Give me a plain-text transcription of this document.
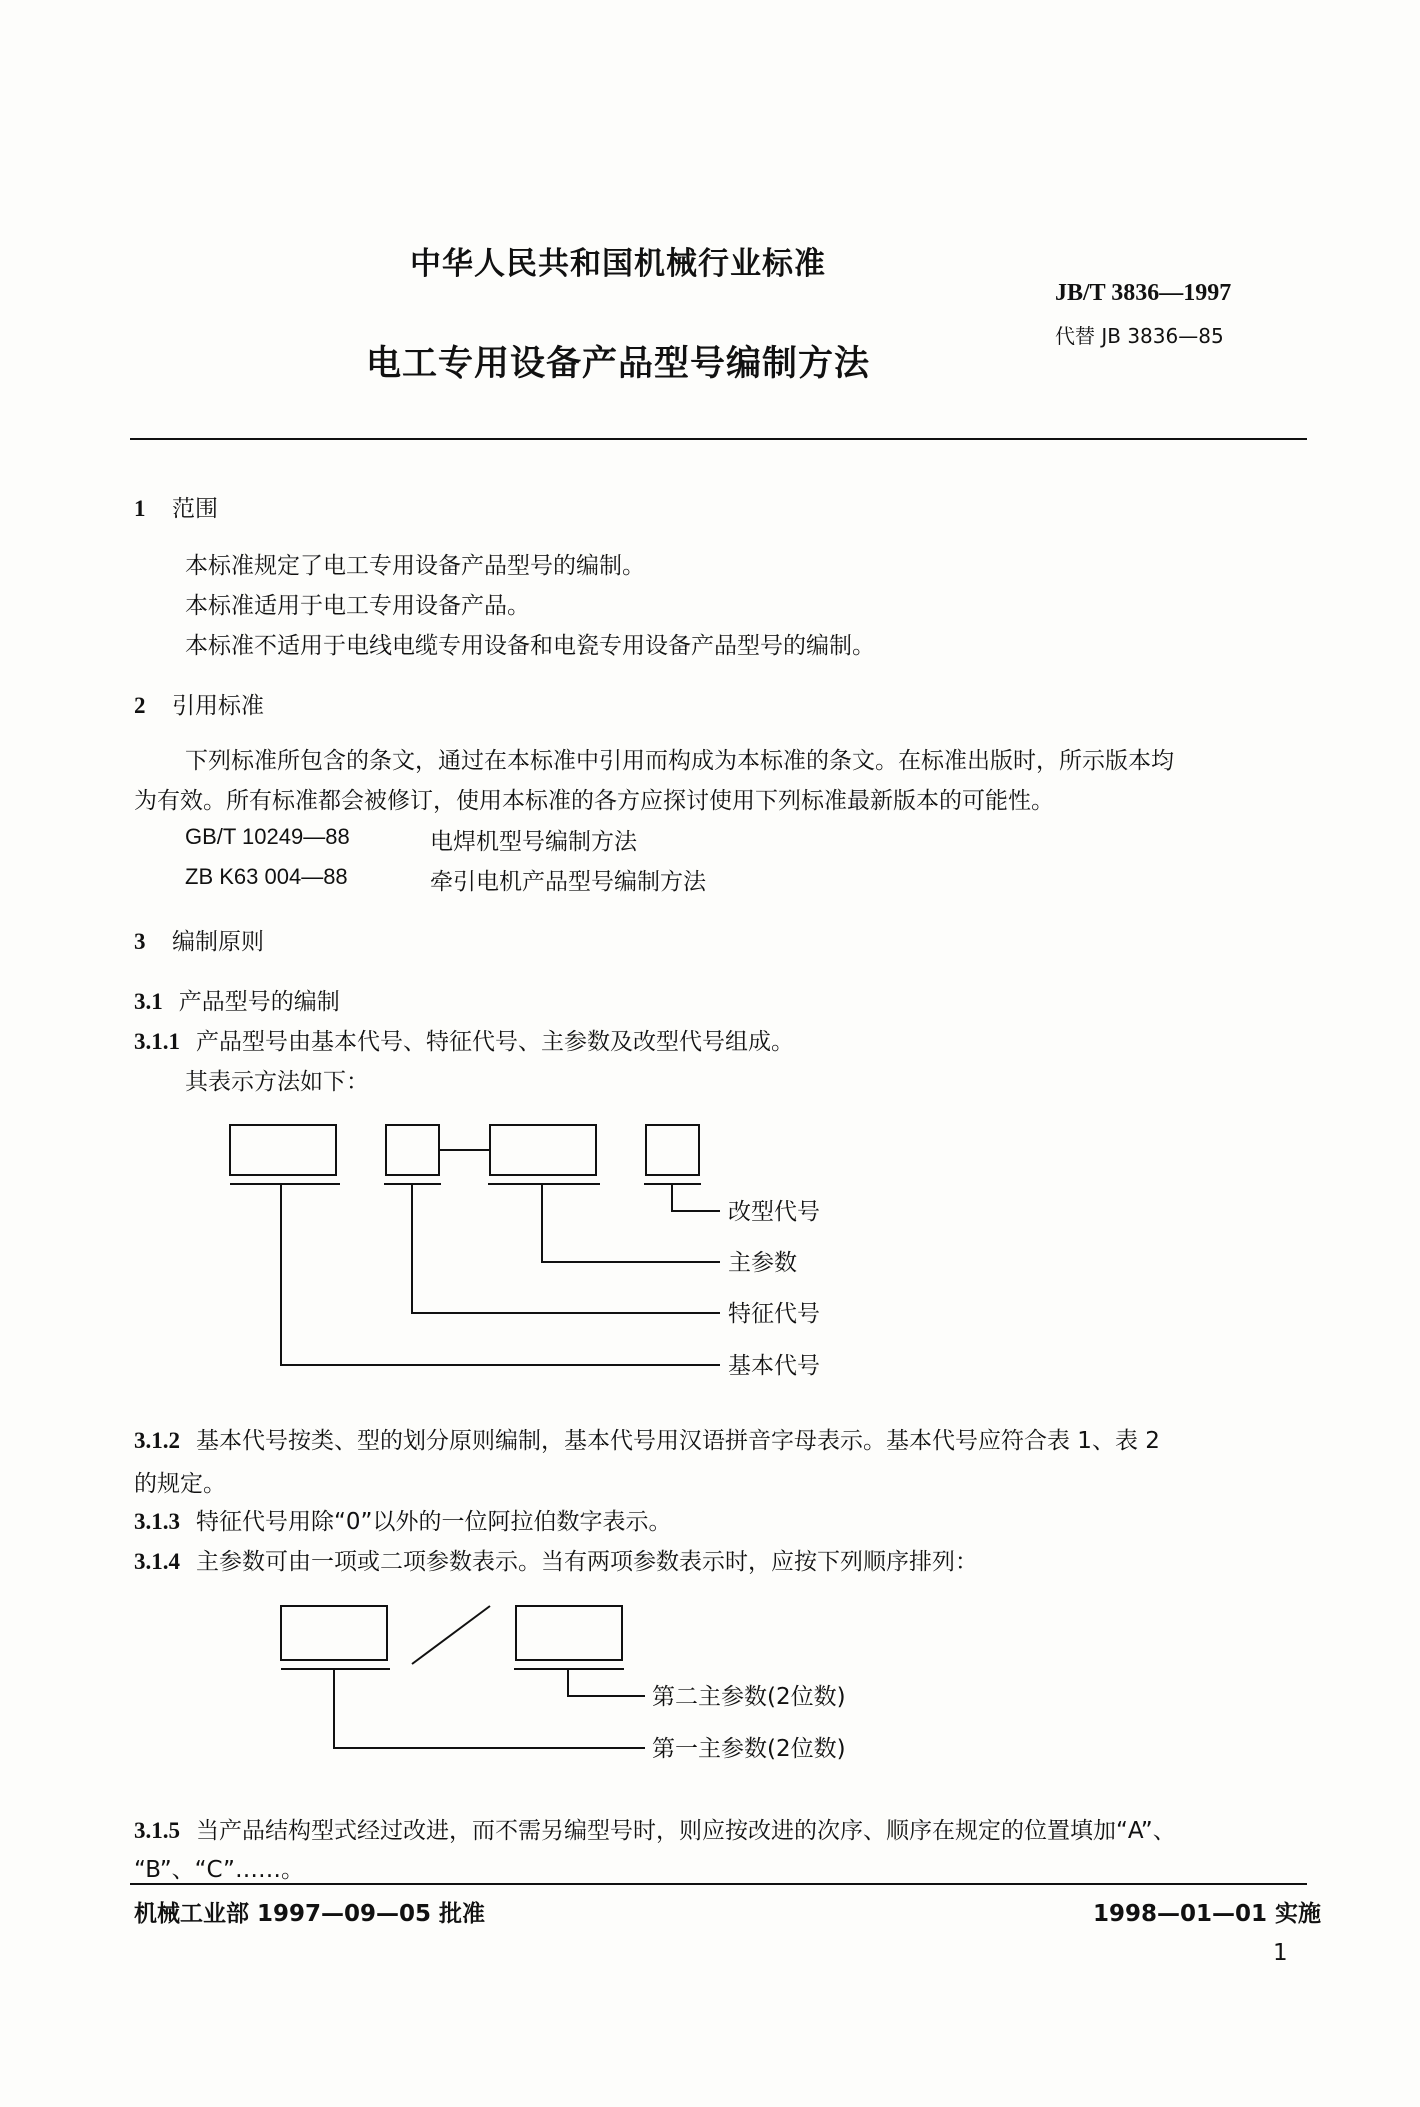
中华人民共和国机械行业标准
电工专用设备产品型号编制方法
JB/T 3836—1997
代替 JB 3836—85
1 范围
本标准规定了电工专用设备产品型号的编制。
本标准适用于电工专用设备产品。
本标准不适用于电线电缆专用设备和电瓷专用设备产品型号的编制。
2 引用标准
下列标准所包含的条文，通过在本标准中引用而构成为本标准的条文。在标准出版时，所示版本均
为有效。所有标准都会被修订，使用本标准的各方应探讨使用下列标准最新版本的可能性。
GB/T 10249—88	电焊机型号编制方法
ZB K63 004—88	牵引电机产品型号编制方法
3 编制原则
3.1 产品型号的编制
3.1.1 产品型号由基本代号、特征代号、主参数及改型代号组成。
其表示方法如下：
改型代号
主参数
特征代号
基本代号
第二主参数(2位数)
第一主参数(2位数)
3.1.2 基本代号按类、型的划分原则编制，基本代号用汉语拼音字母表示。基本代号应符合表 1、表 2
的规定。
3.1.3 特征代号用除“0”以外的一位阿拉伯数字表示。
3.1.4 主参数可由一项或二项参数表示。当有两项参数表示时，应按下列顺序排列：
3.1.5 当产品结构型式经过改进，而不需另编型号时，则应按改进的次序、顺序在规定的位置填加“A”、
“B”、“C”……。
机械工业部 1997—09—05 批准	1998—01—01 实施
1
